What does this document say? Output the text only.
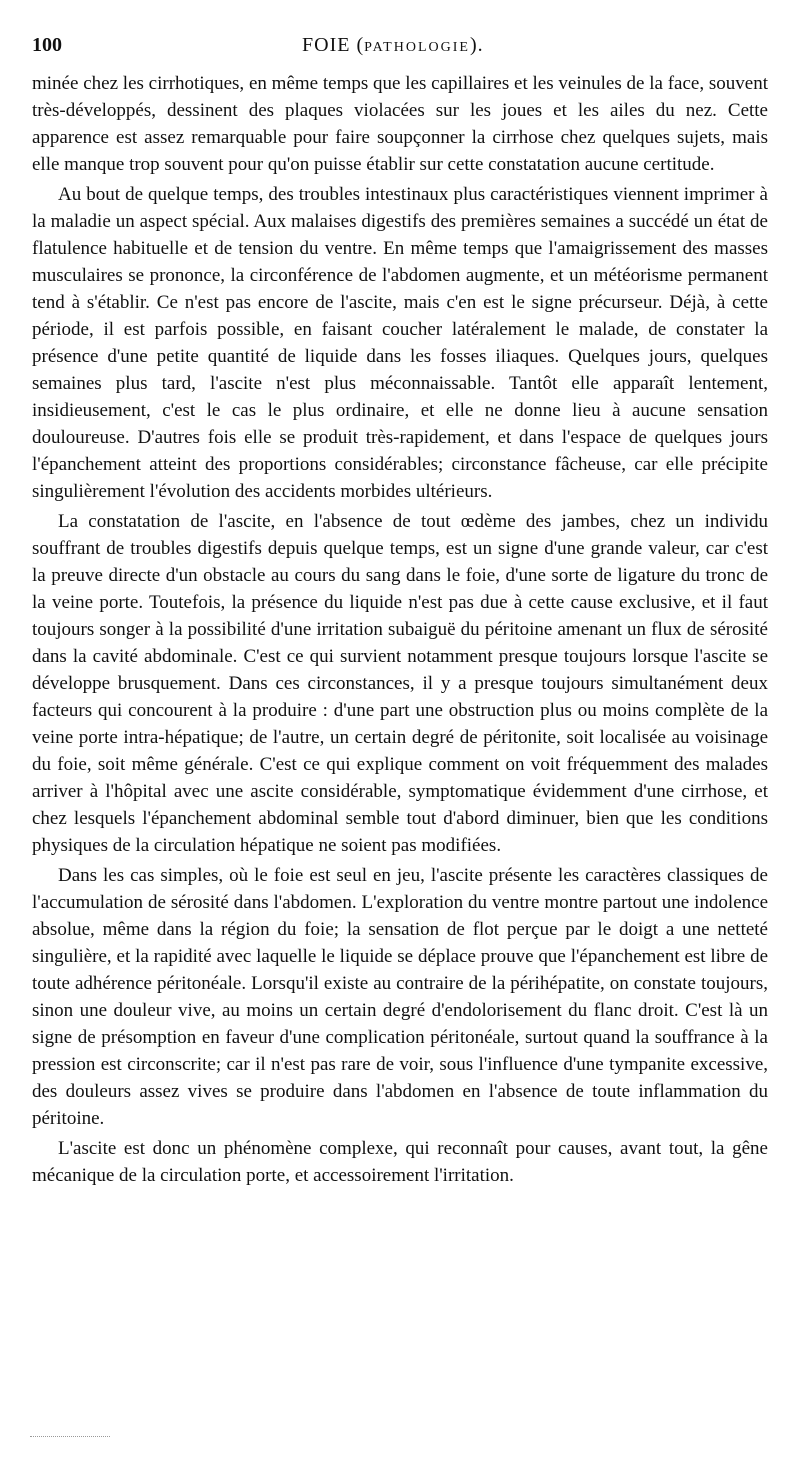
100	FOIE (PATHOLOGIE).

minée chez les cirrhotiques, en même temps que les capillaires et les veinules de la face, souvent très-développés, dessinent des plaques violacées sur les joues et les ailes du nez. Cette apparence est assez remarquable pour faire soupçonner la cirrhose chez quelques sujets, mais elle manque trop souvent pour qu'on puisse établir sur cette constatation aucune certitude.

Au bout de quelque temps, des troubles intestinaux plus caractéristiques viennent imprimer à la maladie un aspect spécial. Aux malaises digestifs des premières semaines a succédé un état de flatulence habituelle et de tension du ventre. En même temps que l'amaigrissement des masses musculaires se prononce, la circonférence de l'abdomen augmente, et un météorisme permanent tend à s'établir. Ce n'est pas encore de l'ascite, mais c'en est le signe précurseur. Déjà, à cette période, il est parfois possible, en faisant coucher latéralement le malade, de constater la présence d'une petite quantité de liquide dans les fosses iliaques. Quelques jours, quelques semaines plus tard, l'ascite n'est plus méconnaissable. Tantôt elle apparaît lentement, insidieusement, c'est le cas le plus ordinaire, et elle ne donne lieu à aucune sensation douloureuse. D'autres fois elle se produit très-rapidement, et dans l'espace de quelques jours l'épanchement atteint des proportions considérables; circonstance fâcheuse, car elle précipite singulièrement l'évolution des accidents morbides ultérieurs.

La constatation de l'ascite, en l'absence de tout œdème des jambes, chez un individu souffrant de troubles digestifs depuis quelque temps, est un signe d'une grande valeur, car c'est la preuve directe d'un obstacle au cours du sang dans le foie, d'une sorte de ligature du tronc de la veine porte. Toutefois, la présence du liquide n'est pas due à cette cause exclusive, et il faut toujours songer à la possibilité d'une irritation subaiguë du péritoine amenant un flux de sérosité dans la cavité abdominale. C'est ce qui survient notamment presque toujours lorsque l'ascite se développe brusquement. Dans ces circonstances, il y a presque toujours simultanément deux facteurs qui concourent à la produire : d'une part une obstruction plus ou moins complète de la veine porte intra-hépatique; de l'autre, un certain degré de péritonite, soit localisée au voisinage du foie, soit même générale. C'est ce qui explique comment on voit fréquemment des malades arriver à l'hôpital avec une ascite considérable, symptomatique évidemment d'une cirrhose, et chez lesquels l'épanchement abdominal semble tout d'abord diminuer, bien que les conditions physiques de la circulation hépatique ne soient pas modifiées.

Dans les cas simples, où le foie est seul en jeu, l'ascite présente les caractères classiques de l'accumulation de sérosité dans l'abdomen. L'exploration du ventre montre partout une indolence absolue, même dans la région du foie; la sensation de flot perçue par le doigt a une netteté singulière, et la rapidité avec laquelle le liquide se déplace prouve que l'épanchement est libre de toute adhérence péritonéale. Lorsqu'il existe au contraire de la périhépatite, on constate toujours, sinon une douleur vive, au moins un certain degré d'endolorisement du flanc droit. C'est là un signe de présomption en faveur d'une complication péritonéale, surtout quand la souffrance à la pression est circonscrite; car il n'est pas rare de voir, sous l'influence d'une tympanite excessive, des douleurs assez vives se produire dans l'abdomen en l'absence de toute inflammation du péritoine.

L'ascite est donc un phénomène complexe, qui reconnaît pour causes, avant tout, la gêne mécanique de la circulation porte, et accessoirement l'irritation.
